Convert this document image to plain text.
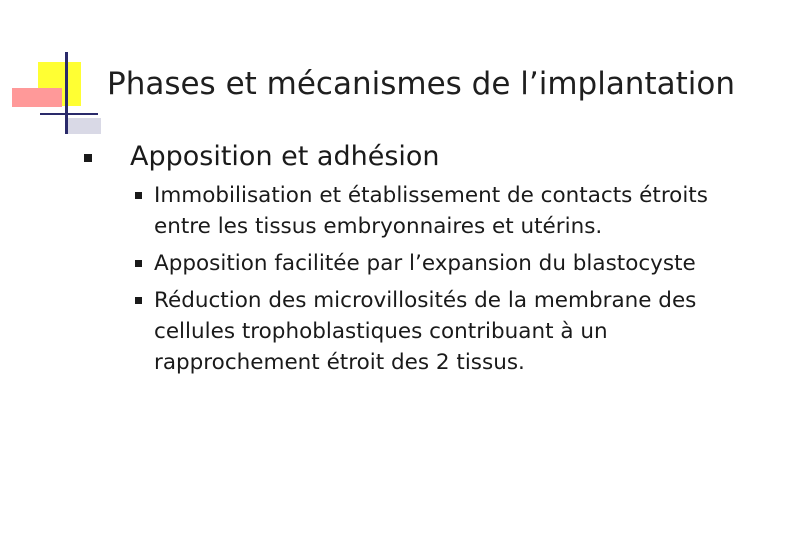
Phases et mécanismes de l’implantation
Apposition et adhésion
Immobilisation et établissement de contacts étroits entre les tissus embryonnaires et utérins.
Apposition facilitée par l’expansion du blastocyste
Réduction des microvillosités de la membrane des cellules trophoblastiques contribuant à un rapprochement étroit des 2 tissus.
